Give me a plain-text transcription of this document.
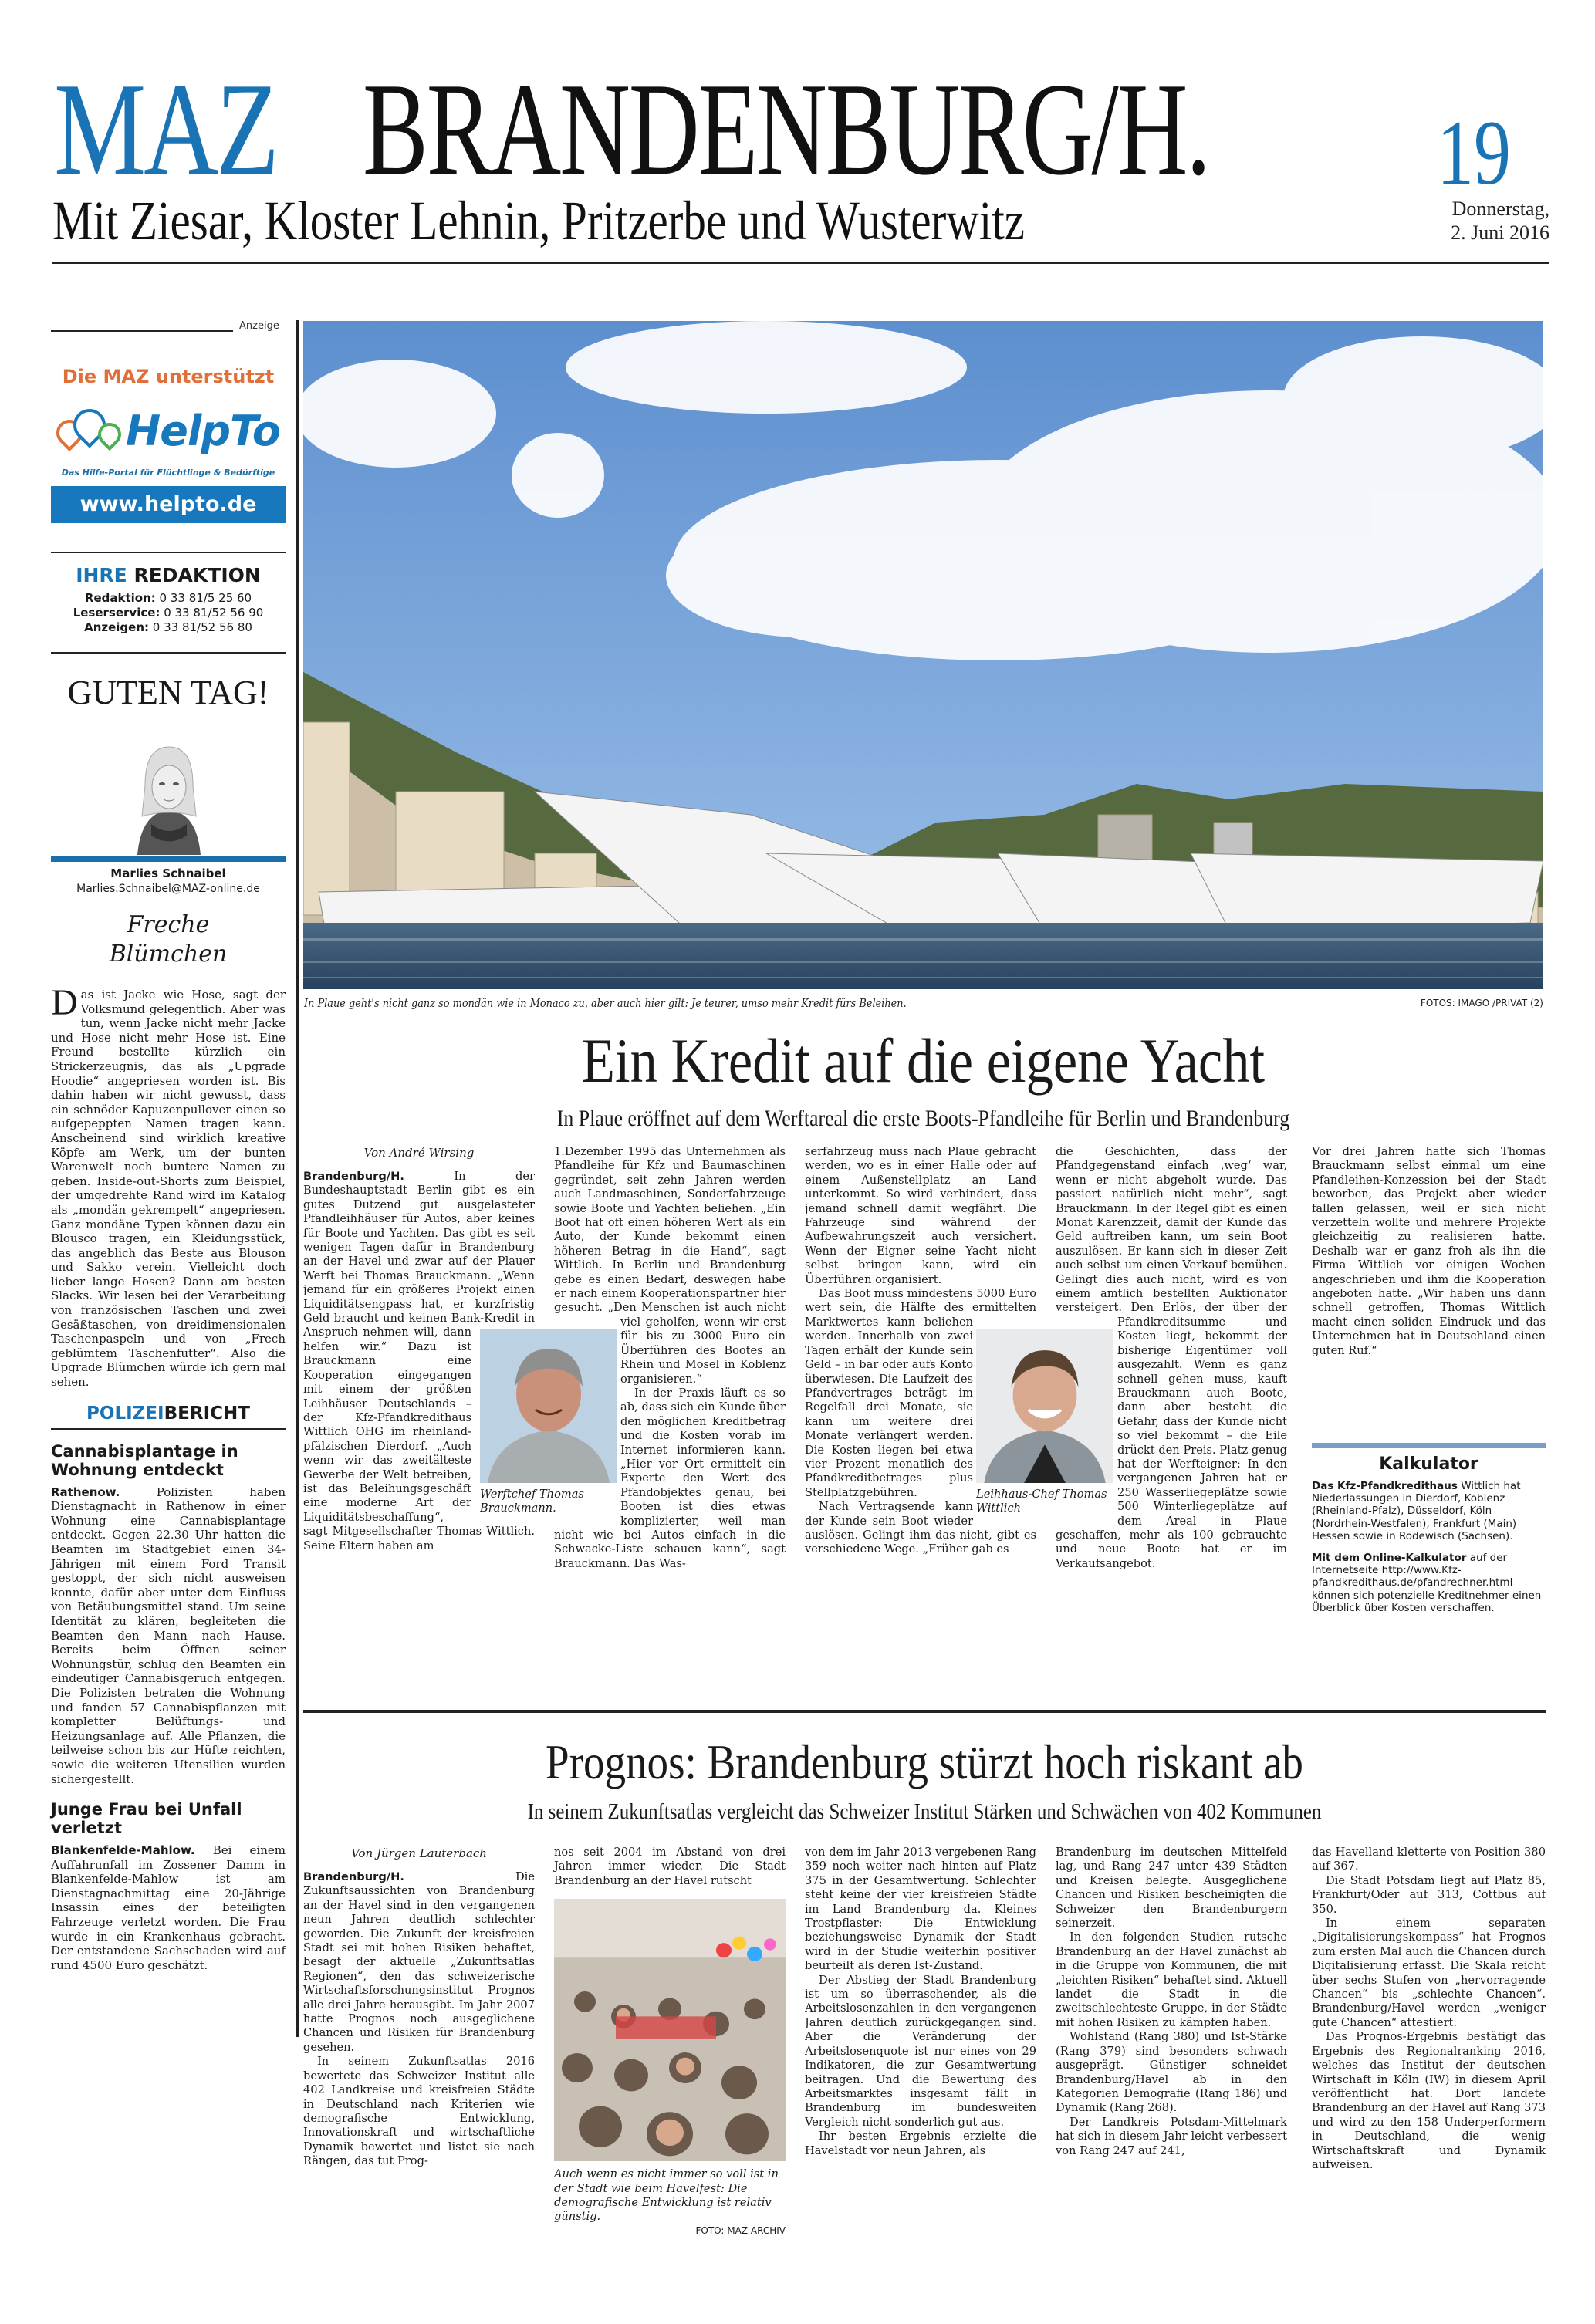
MAZ BRANDENBURG/H. 19
Mit Ziesar, Kloster Lehnin, Pritzerbe und Wusterwitz	Donnerstag,
2. Juni 2016
Anzeige
Die MAZ unterstützt
HelpTo
Das Hilfe-Portal für Flüchtlinge & Bedürftige
www.helpto.de
IHRE REDAKTION
Redaktion: 0 33 81/5 25 60
Leserservice: 0 33 81/52 56 90
Anzeigen: 0 33 81/52 56 80
GUTEN TAG!
Marlies Schnaibel
Marlies.Schnaibel@MAZ-online.de
Freche
Blümchen
Das ist Jacke wie Hose, sagt der Volksmund gelegentlich. Aber was tun, wenn Jacke nicht mehr Jacke und Hose nicht mehr Hose ist. Eine Freund bestellte kürzlich ein Strickerzeugnis, das als „Upgrade Hoodie“ angepriesen worden ist. Bis dahin haben wir nicht gewusst, dass ein schnöder Kapuzenpullover einen so aufgepeppten Namen tragen kann. Anscheinend sind wirklich kreative Köpfe am Werk, um der bunten Warenwelt noch buntere Namen zu geben. Inside-out-Shorts zum Beispiel, der umgedrehte Rand wird im Katalog als „mondän gekrempelt“ angepriesen. Ganz mondäne Typen können dazu ein Blousco tragen, ein Kleidungsstück, das angeblich das Beste aus Blouson und Sakko verein. Vielleicht doch lieber lange Hosen? Dann am besten Slacks. Wir lesen bei der Verarbeitung von französischen Taschen und zwei Gesäßtaschen, von dreidimensionalen Taschenpaspeln und von „Frech geblümtem Taschenfutter“. Also die Upgrade Blümchen würde ich gern mal sehen.
POLIZEIBERICHT
Cannabisplantage in Wohnung entdeckt
Rathenow.	Polizisten haben Dienstagnacht in Rathenow in einer Wohnung eine Cannabisplantage entdeckt. Gegen 22.30 Uhr hatten die Beamten im Stadtgebiet einen 34-Jährigen mit einem Ford Transit gestoppt, der sich nicht ausweisen konnte, dafür aber unter dem Einfluss von Betäubungsmittel stand. Um seine Identität zu klären, begleiteten die Beamten den Mann nach Hause. Bereits beim Öffnen seiner Wohnungstür, schlug den Beamten ein eindeutiger Cannabisgeruch entgegen. Die Polizisten betraten die Wohnung und fanden 57 Cannabispflanzen mit kompletter Belüftungs- und Heizungsanlage auf. Alle Pflanzen, die teilweise schon bis zur Hüfte reichten, sowie die weiteren Utensilien wurden sichergestellt.
Junge Frau bei Unfall verletzt
Blankenfelde-Mahlow. Bei einem Auffahrunfall im Zossener Damm in Blankenfelde-Mahlow ist am Dienstagnachmittag eine 20-Jährige Insassin eines der beteiligten Fahrzeuge verletzt worden. Die Frau wurde in ein Krankenhaus gebracht. Der entstandene Sachschaden wird auf rund 4500 Euro geschätzt.
In Plaue geht's nicht ganz so mondän wie in Monaco zu, aber auch hier gilt: Je teurer, umso mehr Kredit fürs Beleihen.	FOTOS: IMAGO /PRIVAT (2)
Ein Kredit auf die eigene Yacht
In Plaue eröffnet auf dem Werftareal die erste Boots-Pfandleihe für Berlin und Brandenburg
Von André Wirsing

Brandenburg/H.	In der Bundeshauptstadt Berlin gibt es ein gutes Dutzend gut ausgelasteter Pfandleihhäuser für Autos, aber keines für Boote und Yachten. Das gibt es seit wenigen Tagen dafür in Brandenburg an der Havel und zwar auf der Plauer Werft bei Thomas Brauckmann. „Wenn jemand für ein größeres Projekt einen Liquiditätsengpass hat, er kurzfristig Geld braucht und keinen Bank-Kredit in Anspruch nehmen will, dann helfen wir.“ Dazu ist Brauckmann eine Kooperation eingegangen mit einem der größten Leihhäuser Deutschlands – der Kfz-Pfandkredithaus Wittlich OHG im rheinland-pfälzischen Dierdorf. „Auch wenn wir das zweitälteste Gewerbe der Welt betreiben, ist das Beleihungsgeschäft eine moderne Art der Liquiditätsbeschaffung“, sagt Mitgesellschafter Thomas Wittlich. Seine Eltern haben am

1.Dezember 1995 das Unternehmen als Pfandleihe für Kfz und Baumaschinen gegründet, seit zehn Jahren werden auch Landmaschinen, Sonderfahrzeuge sowie Boote und Yachten beliehen. „Ein Boot hat oft einen höheren Wert als ein Auto, der Kunde bekommt einen höheren Betrag in die Hand“, sagt Wittlich. In Berlin und Brandenburg gebe es einen Bedarf, deswegen habe er nach einem Kooperationspartner hier gesucht. „Den Menschen ist auch nicht viel geholfen, wenn wir erst für bis zu 3000 Euro ein Überführen des Bootes an Rhein und Mosel in Koblenz organisieren.“

In der Praxis läuft es so ab, dass sich ein Kunde über den möglichen Kreditbetrag und die Kosten vorab im Internet informieren kann. „Hier vor Ort ermittelt ein Experte den Wert des Pfandobjektes genau, bei Booten ist dies etwas komplizierter, weil man nicht wie bei Autos einfach in die Schwacke-Liste schauen kann“, sagt Brauckmann. Das Was-

serfahrzeug muss nach Plaue gebracht werden, wo es in einer Halle oder auf einem Außenstellplatz an Land unterkommt. So wird verhindert, dass jemand schnell damit wegfährt. Die Fahrzeuge sind während der Aufbewahrungszeit auch versichert. Wenn der Eigner seine Yacht nicht selbst bringen kann, wird ein Überführen organisiert.

Das Boot muss mindestens 5000 Euro wert sein, die Hälfte des ermittelten Marktwertes kann beliehen werden. Innerhalb von zwei Tagen erhält der Kunde sein Geld – in bar oder aufs Konto überwiesen. Die Laufzeit des Pfandvertrages beträgt im Regelfall drei Monate, sie kann um weitere drei Monate verlängert werden. Die Kosten liegen bei etwa vier Prozent monatlich des Pfandkreditbetrages plus Stellplatzgebühren.

Nach Vertragsende kann der Kunde sein Boot wieder auslösen. Gelingt ihm das nicht, gibt es verschiedene Wege. „Früher gab es

die Geschichten, dass der Pfandgegenstand einfach ‚weg‘ war, wenn er nicht abgeholt wurde. Das passiert natürlich nicht mehr“, sagt Brauckmann. In der Regel gibt es einen Monat Karenzzeit, damit der Kunde das Geld auftreiben kann, um sein Boot auszulösen. Er kann sich in dieser Zeit auch selbst um einen Verkauf bemühen. Gelingt dies auch nicht, wird es von einem amtlich bestellten Auktionator versteigert. Den Erlös, der über der Pfandkreditsumme und Kosten liegt, bekommt der bisherige Eigentümer voll ausgezahlt. Wenn es ganz schnell gehen muss, kauft Brauckmann auch Boote, dann aber besteht die Gefahr, dass der Kunde nicht so viel bekommt – die Eile drückt den Preis. Platz genug hat der Werfteigner: In den vergangenen Jahren hat er 250 Wasserliegeplätze sowie 500 Winterliegeplätze auf dem Areal in Plaue geschaffen, mehr als 100 gebrauchte und neue Boote hat er im Verkaufsangebot.

Vor drei Jahren hatte sich Thomas Brauckmann selbst einmal um eine Pfandleihen-Konzession bei der Stadt beworben, das Projekt aber wieder fallen gelassen, weil er sich nicht verzetteln wollte und mehrere Projekte gleichzeitig zu realisieren hatte. Deshalb war er ganz froh als ihn die Firma Wittlich vor einigen Wochen angeschrieben und ihm die Kooperation angeboten hatte. „Wir haben uns dann schnell getroffen, Thomas Wittlich macht einen soliden Eindruck und das Unternehmen hat in Deutschland einen guten Ruf.“

Kalkulator

Das Kfz-Pfandkredithaus Wittlich hat Niederlassungen in Dierdorf, Koblenz (Rheinland-Pfalz), Düsseldorf, Köln (Nordrhein-Westfalen), Frankfurt (Main) Hessen sowie in Rodewisch (Sachsen).

Mit dem Online-Kalkulator auf der Internetseite http://www.Kfz-pfandkredithaus.de/pfandrechner.html können sich potenzielle Kreditnehmer einen Überblick über Kosten verschaffen.

Prognos: Brandenburg stürzt hoch riskant ab
In seinem Zukunftsatlas vergleicht das Schweizer Institut Stärken und Schwächen von 402 Kommunen
Von Jürgen Lauterbach

Brandenburg/H.	Die Zukunftsaussichten von Brandenburg an der Havel sind in den vergangenen neun Jahren deutlich schlechter geworden. Die Zukunft der kreisfreien Stadt sei mit hohen Risiken behaftet, besagt der aktuelle „Zukunftsatlas Regionen“, den das schweizerische Wirtschaftsforschungsinstitut Prognos alle drei Jahre herausgibt. Im Jahr 2007 hatte Prognos noch ausgeglichene Chancen und Risiken für Brandenburg gesehen.

In seinem Zukunftsatlas 2016 bewertete das Schweizer Institut alle 402 Landkreise und kreisfreien Städte in Deutschland nach Kriterien wie demografische Entwicklung, Innovationskraft und wirtschaftliche Dynamik bewertet und listet sie nach Rängen, das tut Prog-

nos seit 2004 im Abstand von drei Jahren immer wieder. Die Stadt Brandenburg an der Havel rutscht

Auch wenn es nicht immer so voll ist in der Stadt wie beim Havelfest: Die demografische Entwicklung ist relativ günstig.
FOTO: MAZ-ARCHIV

von dem im Jahr 2013 vergebenen Rang 359 noch weiter nach hinten auf Platz 375 in der Gesamtwertung. Schlechter steht keine der vier kreisfreien Städte im Land Brandenburg da. Kleines Trostpflaster: Die Entwicklung beziehungsweise Dynamik der Stadt wird in der Studie weiterhin positiver beurteilt als deren Ist-Zustand.

Der Abstieg der Stadt Brandenburg ist um so überraschender, als die Arbeitslosenzahlen in den vergangenen Jahren deutlich zurückgegangen sind. Aber die Veränderung der Arbeitslosenquote ist nur eines von 29 Indikatoren, die zur Gesamtwertung beitragen. Und die Bewertung des Arbeitsmarktes insgesamt fällt in Brandenburg im bundesweiten Vergleich nicht sonderlich gut aus.

Ihr besten Ergebnis erzielte die Havelstadt vor neun Jahren, als

Brandenburg im deutschen Mittelfeld lag, und Rang 247 unter 439 Städten und Kreisen belegte. Ausgeglichene Chancen und Risiken bescheinigten die Schweizer den Brandenburgern seinerzeit.

In den folgenden Studien rutsche Brandenburg an der Havel zunächst ab in die Gruppe von Kommunen, die mit „leichten Risiken“ behaftet sind. Aktuell landet die Stadt in die zweitschlechteste Gruppe, in der Städte mit hohen Risiken zu kämpfen haben.

Wohlstand (Rang 380) und Ist-Stärke (Rang 379) sind besonders schwach ausgeprägt. Günstiger schneidet Brandenburg/Havel ab in den Kategorien Demografie (Rang 186) und Dynamik (Rang 268).

Der Landkreis Potsdam-Mittelmark hat sich in diesem Jahr leicht verbessert von Rang 247 auf 241,

das Havelland kletterte von Position 380 auf 367.

Die Stadt Potsdam liegt auf Platz 85, Frankfurt/Oder auf 313, Cottbus auf 350.

In einem separaten „Digitalisierungskompass“ hat Prognos zum ersten Mal auch die Chancen durch Digitalisierung erfasst. Die Skala reicht über sechs Stufen von „hervorragende Chancen“ bis „schlechte Chancen“. Brandenburg/Havel werden „weniger gute Chancen“ attestiert.

Das Prognos-Ergebnis bestätigt das Ergebnis des Regionalranking 2016, welches das Institut der deutschen Wirtschaft in Köln (IW) in diesem April veröffentlicht hat. Dort landete Brandenburg an der Havel auf Rang 373 und wird zu den 158 Underperformern in Deutschland, die wenig Wirtschaftskraft und Dynamik aufweisen.

Werftchef Thomas Brauckmann.
Leihhaus-Chef Thomas Wittlich
